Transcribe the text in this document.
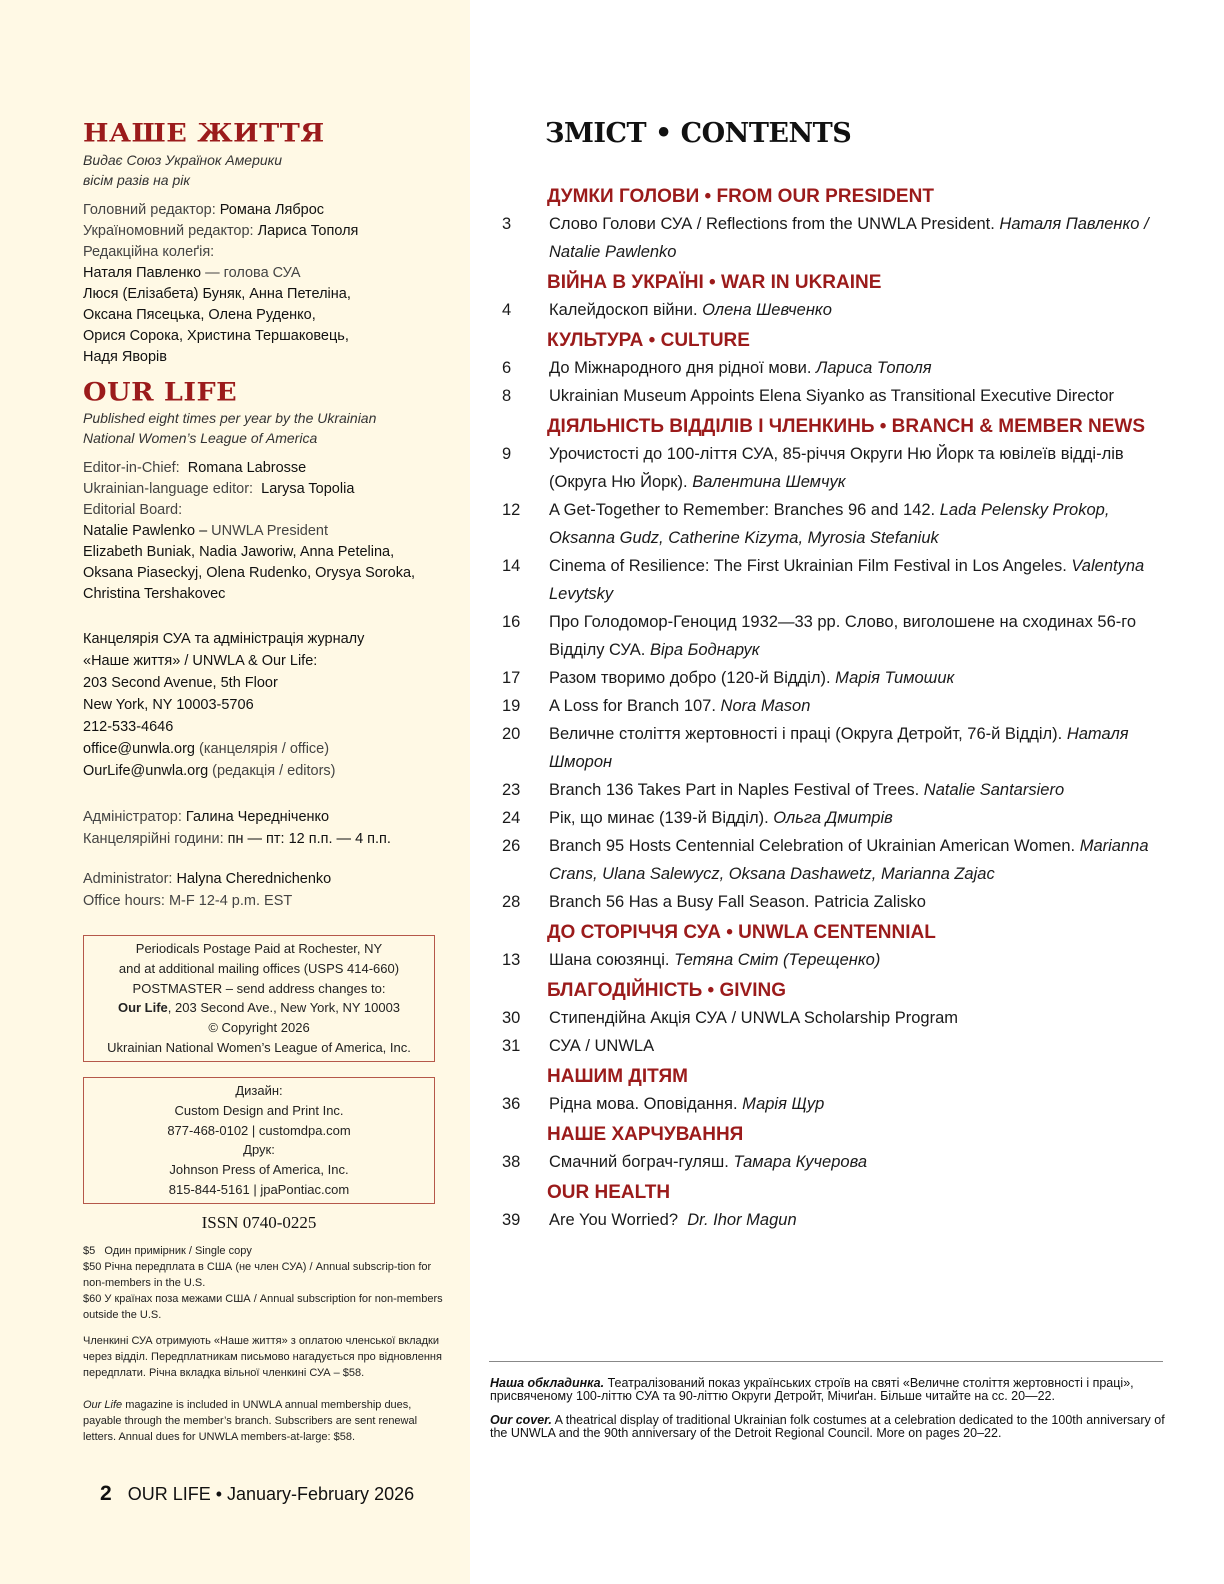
НАШЕ ЖИТТЯ
Видає Союз Українок Америки
вісім разів на рік
Головний редактор: Романа Ляброс
Україномовний редактор: Лариса Тополя
Редакційна колеґія:
Наталя Павленко — голова СУА
Люся (Елізабета) Буняк, Анна Петеліна,
Оксана Пясецька, Олена Руденко,
Орися Сорока, Христина Тершаковець,
Надя Яворів
OUR LIFE
Published eight times per year by the Ukrainian
National Women’s League of America
Editor-in-Chief:  Romana Labrosse
Ukrainian-language editor:  Larysa Topolia
Editorial Board:
Natalie Pawlenko – UNWLA President
Elizabeth Buniak, Nadia Jaworiw, Anna Petelina,
Oksana Piaseckyj, Olena Rudenko, Orysya Soroka,
Christina Tershakovec
Канцелярія СУА та адміністрація журналу
«Наше життя» / UNWLA & Our Life:
203 Second Avenue, 5th Floor
New York, NY 10003-5706
212-533-4646
office@unwla.org (канцелярія / office)
OurLife@unwla.org (редакція / editors)
Адміністратор: Галина Чередніченко
Канцелярійні години: пн — пт: 12 п.п. — 4 п.п.
Administrator: Halyna Cherednichenko
Office hours: M-F 12-4 p.m. EST
Periodicals Postage Paid at Rochester, NY
and at additional mailing offices (USPS 414-660)
POSTMASTER – send address changes to:
Our Life, 203 Second Ave., New York, NY 10003
© Copyright 2026
Ukrainian National Women’s League of America, Inc.
Дизайн:
Custom Design and Print Inc.
877-468-0102 | customdpa.com
Друк:
Johnson Press of America, Inc.
815-844-5161 | jpaPontiac.com
ISSN 0740-0225
$5   Один примірник / Single copy
$50 Річна передплата в США (не член СУА) / Annual subscrip-tion for non-members in the U.S.
$60 У країнах поза межами США / Annual subscription for non-members outside the U.S.
Членкині СУА отримують «Наше життя» з оплатою членської вкладки через відділ. Передплатникам письмово нагадується про відновлення передплати. Річна вкладка вільної членкині СУА – $58.
Our Life magazine is included in UNWLA annual membership dues, payable through the member’s branch. Subscribers are sent renewal letters. Annual dues for UNWLA members-at-large: $58.
2 OUR LIFE • January-February 2026
ЗМІСТ • CONTENTS
ДУМКИ ГОЛОВИ • FROM OUR PRESIDENT
3	Слово Голови СУА / Reflections from the UNWLA President. Наталя Павленко / Natalie Pawlenko
ВІЙНА В УКРАЇНІ • WAR IN UKRAINE
4	Калейдоскоп війни. Олена Шевченко
КУЛЬТУРА • CULTURE
6	До Міжнародного дня рідної мови. Лариса Тополя
8	Ukrainian Museum Appoints Elena Siyanko as Transitional Executive Director
ДІЯЛЬНІСТЬ ВІДДІЛІВ І ЧЛЕНКИНЬ • BRANCH & MEMBER NEWS
9	Урочистості до 100-ліття СУА, 85-річчя Округи Ню Йорк та ювілеїв відді-лів (Округа Ню Йорк). Валентина Шемчук
12	A Get-Together to Remember: Branches 96 and 142. Lada Pelensky Prokop, Oksanna Gudz, Catherine Kizyma, Myrosia Stefaniuk
14	Cinema of Resilience: The First Ukrainian Film Festival in Los Angeles. Valentyna Levytsky
16	Про Голодомор-Геноцид 1932—33 рр. Слово, виголошене на сходинах 56-го Відділу СУА. Віра Боднарук
17	Разом творимо добро (120-й Відділ). Марія Тимошик
19	A Loss for Branch 107. Nora Mason
20	Величне століття жертовності і праці (Округа Детройт, 76-й Відділ). Наталя Шморон
23	Branch 136 Takes Part in Naples Festival of Trees. Natalie Santarsiero
24	Рік, що минає (139-й Відділ). Ольга Дмитрів
26	Branch 95 Hosts Centennial Celebration of Ukrainian American Women. Marianna Crans, Ulana Salewycz, Oksana Dashawetz, Marianna Zajac
28	Branch 56 Has a Busy Fall Season. Patricia Zalisko
ДО СТОРІЧЧЯ СУА • UNWLA CENTENNIAL
13	Шана союзянці. Тетяна Сміт (Терещенко)
БЛАГОДІЙНІСТЬ • GIVING
30	Стипендійна Акція СУА / UNWLA Scholarship Program
31	СУА / UNWLA
НАШИМ ДІТЯМ
36	Рідна мова. Оповідання. Марія Щур
НАШЕ ХАРЧУВАННЯ
38	Смачний бограч-гуляш. Тамара Кучерова
OUR HEALTH
39	Are You Worried?  Dr. Ihor Magun
Наша обкладинка. Театралізований показ українських строїв на святі «Величне століття жертовності і праці», присвяченому 100-літтю СУА та 90-літтю Округи Детройт, Мічиґан. Більше читайте на сс. 20—22.
Our cover. A theatrical display of traditional Ukrainian folk costumes at a celebration dedicated to the 100th anniversary of the UNWLA and the 90th anniversary of the Detroit Regional Council. More on pages 20–22.
